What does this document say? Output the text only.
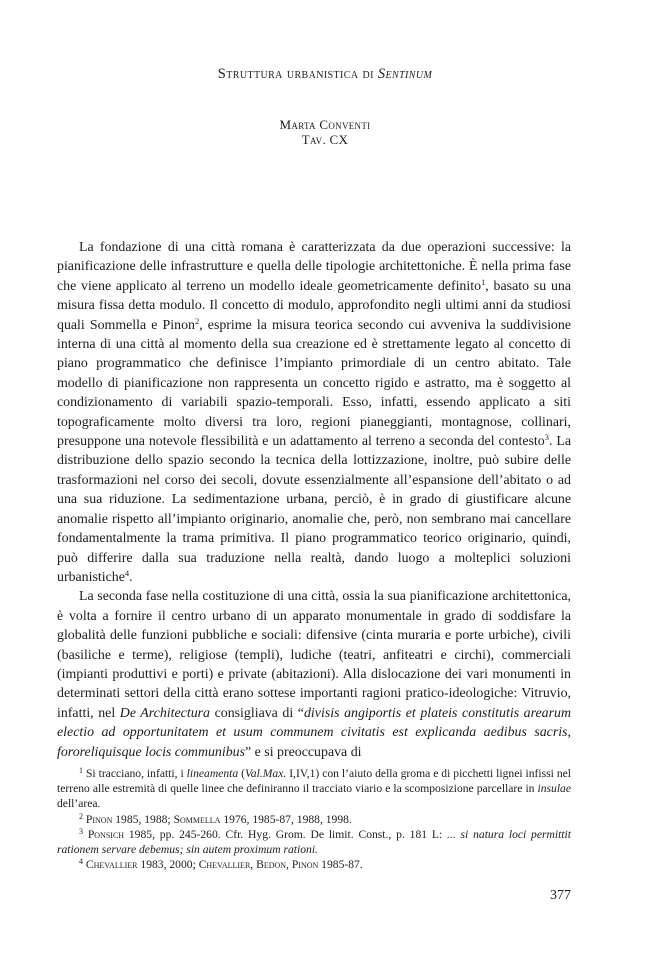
Struttura urbanistica di Sentinum
Marta Conventi
Tav. CX

La fondazione di una città romana è caratterizzata da due operazioni successive: la pianificazione delle infrastrutture e quella delle tipologie architettoniche. È nella prima fase che viene applicato al terreno un modello ideale geometricamente definito$^1$, basato su una misura fissa detta modulo. Il concetto di modulo, approfondito negli ultimi anni da studiosi quali Sommella e Pinon$^2$, esprime la misura teorica secondo cui avveniva la suddivisione interna di una città al momento della sua creazione ed è strettamente legato al concetto di piano programmatico che definisce l’impianto primordiale di un centro abitato. Tale modello di pianificazione non rappresenta un concetto rigido e astratto, ma è soggetto al condizionamento di variabili spazio-temporali. Esso, infatti, essendo applicato a siti topograficamente molto diversi tra loro, regioni pianeggianti, montagnose, collinari, presuppone una notevole flessibilità e un adattamento al terreno a seconda del contesto$^3$. La distribuzione dello spazio secondo la tecnica della lottizzazione, inoltre, può subire delle trasformazioni nel corso dei secoli, dovute essenzialmente all’espansione dell’abitato o ad una sua riduzione. La sedimentazione urbana, perciò, è in grado di giustificare alcune anomalie rispetto all’impianto originario, anomalie che, però, non sembrano mai cancellare fondamentalmente la trama primitiva. Il piano programmatico teorico originario, quindi, può differire dalla sua traduzione nella realtà, dando luogo a molteplici soluzioni urbanistiche$^4$.

La seconda fase nella costituzione di una città, ossia la sua pianificazione architettonica, è volta a fornire il centro urbano di un apparato monumentale in grado di soddisfare la globalità delle funzioni pubbliche e sociali: difensive (cinta muraria e porte urbiche), civili (basiliche e terme), religiose (templi), ludiche (teatri, anfiteatri e circhi), commerciali (impianti produttivi e porti) e private (abitazioni). Alla dislocazione dei vari monumenti in determinati settori della città erano sottese importanti ragioni pratico-ideologiche: Vitruvio, infatti, nel De Architectura consigliava di “divisis angiportis et plateis constitutis arearum electio ad opportunitatem et usum communem civitatis est explicanda aedibus sacris, fororeliquisque locis communibus” e si preoccupava di

$^1$ Si tracciano, infatti, i lineamenta (Val.Max. I,IV,1) con l’aiuto della groma e di picchetti lignei infissi nel terreno alle estremità di quelle linee che definiranno il tracciato viario e la scomposizione parcellare in insulae dell’area.

$^2$ Pinon 1985, 1988; Sommella 1976, 1985-87, 1988, 1998.

$^3$ Ponsich 1985, pp. 245-260. Cfr. Hyg. Grom. De limit. Const., p. 181 L: ... si natura loci permittit rationem servare debemus; sin autem proximum rationi.

$^4$ Chevallier 1983, 2000; Chevallier, Bedon, Pinon 1985-87.

377
